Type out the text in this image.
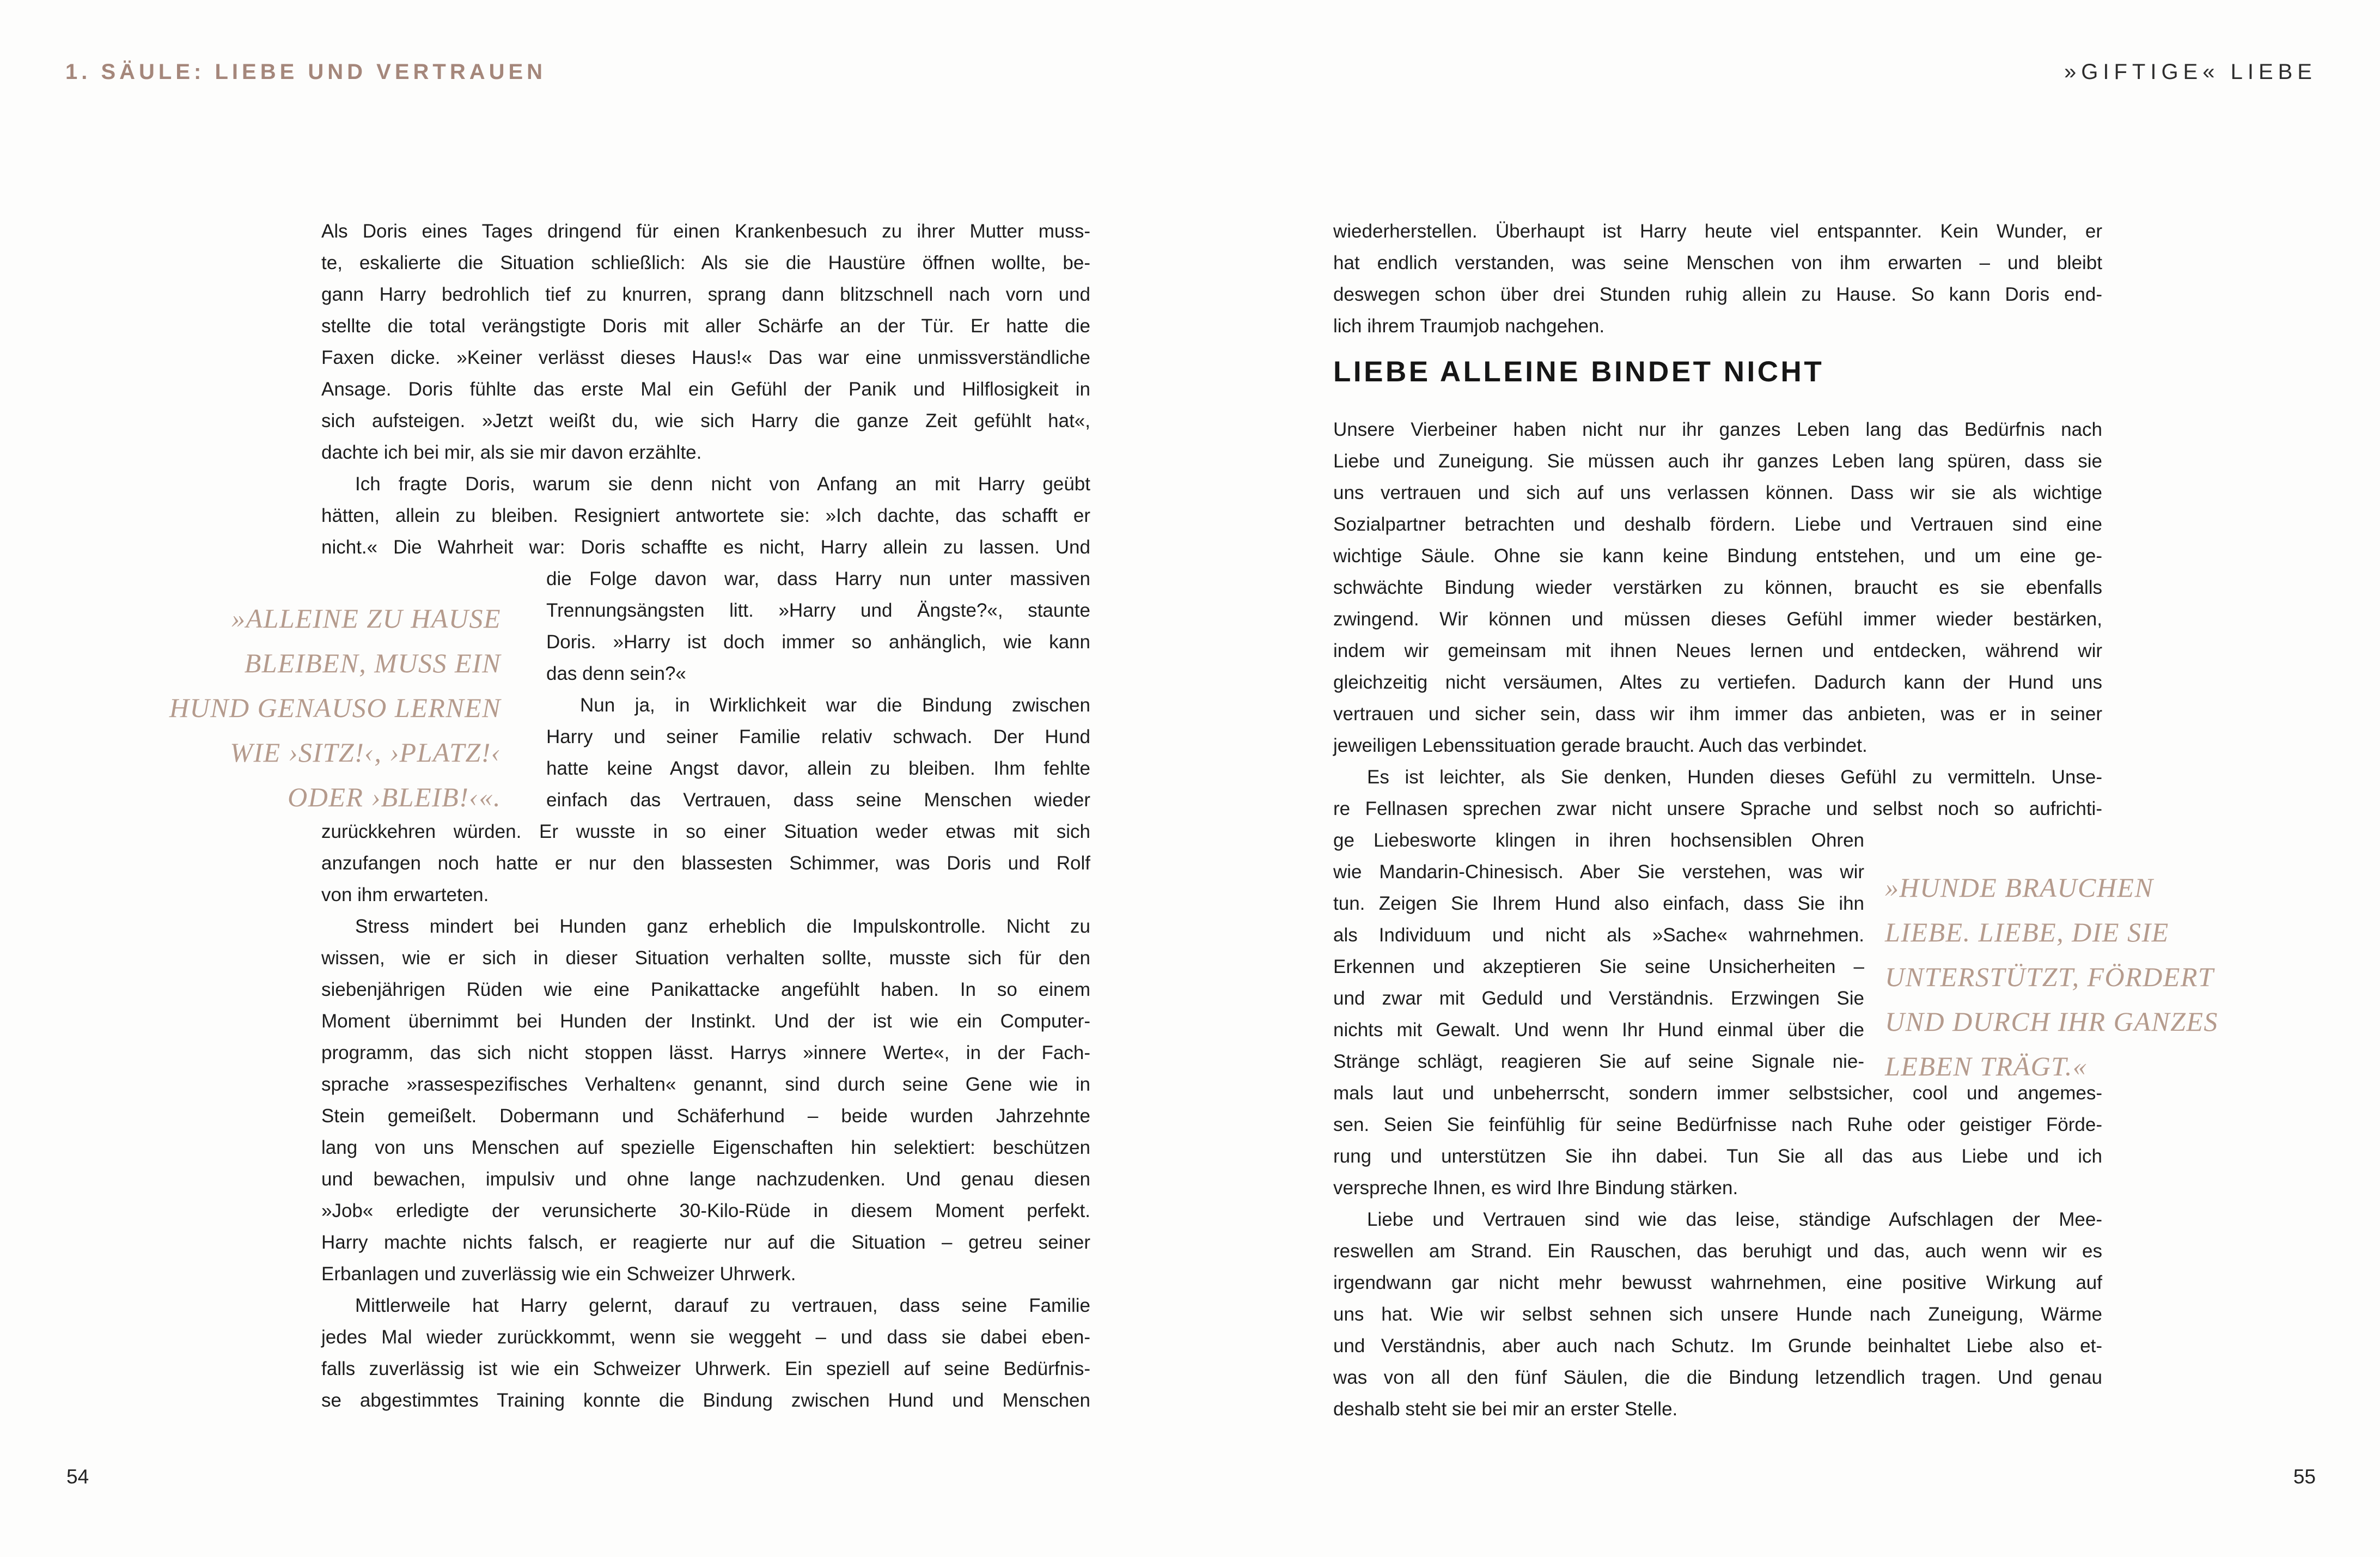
1. SÄULE: LIEBE UND VERTRAUEN
Als Doris eines Tages dringend für einen Krankenbesuch zu ihrer Mutter muss-
te, eskalierte die Situation schließlich: Als sie die Haustüre öffnen wollte, be-
gann Harry bedrohlich tief zu knurren, sprang dann blitzschnell nach vorn und
stellte die total verängstigte Doris mit aller Schärfe an der Tür. Er hatte die
Faxen dicke. »Keiner verlässt dieses Haus!« Das war eine unmissverständliche
Ansage. Doris fühlte das erste Mal ein Gefühl der Panik und Hilflosigkeit in
sich aufsteigen. »Jetzt weißt du, wie sich Harry die ganze Zeit gefühlt hat«,
dachte ich bei mir, als sie mir davon erzählte.
Ich fragte Doris, warum sie denn nicht von Anfang an mit Harry geübt
hätten, allein zu bleiben. Resigniert antwortete sie: »Ich dachte, das schafft er
nicht.« Die Wahrheit war: Doris schaffte es nicht, Harry allein zu lassen. Und
die Folge davon war, dass Harry nun unter massiven
Trennungsängsten litt. »Harry und Ängste?«, staunte
Doris. »Harry ist doch immer so anhänglich, wie kann
das denn sein?«
Nun ja, in Wirklichkeit war die Bindung zwischen
Harry und seiner Familie relativ schwach. Der Hund
hatte keine Angst davor, allein zu bleiben. Ihm fehlte
einfach das Vertrauen, dass seine Menschen wieder
zurückkehren würden. Er wusste in so einer Situation weder etwas mit sich
anzufangen noch hatte er nur den blassesten Schimmer, was Doris und Rolf
von ihm erwarteten.
Stress mindert bei Hunden ganz erheblich die Impulskontrolle. Nicht zu
wissen, wie er sich in dieser Situation verhalten sollte, musste sich für den
siebenjährigen Rüden wie eine Panikattacke angefühlt haben. In so einem
Moment übernimmt bei Hunden der Instinkt. Und der ist wie ein Computer-
programm, das sich nicht stoppen lässt. Harrys »innere Werte«, in der Fach-
sprache »rassespezifisches Verhalten« genannt, sind durch seine Gene wie in
Stein gemeißelt. Dobermann und Schäferhund – beide wurden Jahrzehnte
lang von uns Menschen auf spezielle Eigenschaften hin selektiert: beschützen
und bewachen, impulsiv und ohne lange nachzudenken. Und genau diesen
»Job« erledigte der verunsicherte 30-Kilo-Rüde in diesem Moment perfekt.
Harry machte nichts falsch, er reagierte nur auf die Situation – getreu seiner
Erbanlagen und zuverlässig wie ein Schweizer Uhrwerk.
Mittlerweile hat Harry gelernt, darauf zu vertrauen, dass seine Familie
jedes Mal wieder zurückkommt, wenn sie weggeht – und dass sie dabei eben-
falls zuverlässig ist wie ein Schweizer Uhrwerk. Ein speziell auf seine Bedürfnis-
se abgestimmtes Training konnte die Bindung zwischen Hund und Menschen
»ALLEINE ZU HAUSE
BLEIBEN, MUSS EIN
HUND GENAUSO LERNEN
WIE ›SITZ!‹, ›PLATZ!‹
ODER ›BLEIB!‹«.
54
»GIFTIGE« LIEBE
wiederherstellen. Überhaupt ist Harry heute viel entspannter. Kein Wunder, er
hat endlich verstanden, was seine Menschen von ihm erwarten – und bleibt
deswegen schon über drei Stunden ruhig allein zu Hause. So kann Doris end-
lich ihrem Traumjob nachgehen.
LIEBE ALLEINE BINDET NICHT
Unsere Vierbeiner haben nicht nur ihr ganzes Leben lang das Bedürfnis nach
Liebe und Zuneigung. Sie müssen auch ihr ganzes Leben lang spüren, dass sie
uns vertrauen und sich auf uns verlassen können. Dass wir sie als wichtige
Sozialpartner betrachten und deshalb fördern. Liebe und Vertrauen sind eine
wichtige Säule. Ohne sie kann keine Bindung entstehen, und um eine ge-
schwächte Bindung wieder verstärken zu können, braucht es sie ebenfalls
zwingend. Wir können und müssen dieses Gefühl immer wieder bestärken,
indem wir gemeinsam mit ihnen Neues lernen und entdecken, während wir
gleichzeitig nicht versäumen, Altes zu vertiefen. Dadurch kann der Hund uns
vertrauen und sicher sein, dass wir ihm immer das anbieten, was er in seiner
jeweiligen Lebenssituation gerade braucht. Auch das verbindet.
Es ist leichter, als Sie denken, Hunden dieses Gefühl zu vermitteln. Unse-
re Fellnasen sprechen zwar nicht unsere Sprache und selbst noch so aufrichti-
ge Liebesworte klingen in ihren hochsensiblen Ohren
wie Mandarin-Chinesisch. Aber Sie verstehen, was wir
tun. Zeigen Sie Ihrem Hund also einfach, dass Sie ihn
als Individuum und nicht als »Sache« wahrnehmen.
Erkennen und akzeptieren Sie seine Unsicherheiten –
und zwar mit Geduld und Verständnis. Erzwingen Sie
nichts mit Gewalt. Und wenn Ihr Hund einmal über die
Stränge schlägt, reagieren Sie auf seine Signale nie-
mals laut und unbeherrscht, sondern immer selbstsicher, cool und angemes-
sen. Seien Sie feinfühlig für seine Bedürfnisse nach Ruhe oder geistiger Förde-
rung und unterstützen Sie ihn dabei. Tun Sie all das aus Liebe und ich
verspreche Ihnen, es wird Ihre Bindung stärken.
Liebe und Vertrauen sind wie das leise, ständige Aufschlagen der Mee-
reswellen am Strand. Ein Rauschen, das beruhigt und das, auch wenn wir es
irgendwann gar nicht mehr bewusst wahrnehmen, eine positive Wirkung auf
uns hat. Wie wir selbst sehnen sich unsere Hunde nach Zuneigung, Wärme
und Verständnis, aber auch nach Schutz. Im Grunde beinhaltet Liebe also et-
was von all den fünf Säulen, die die Bindung letzendlich tragen. Und genau
deshalb steht sie bei mir an erster Stelle.
»HUNDE BRAUCHEN
LIEBE. LIEBE, DIE SIE
UNTERSTÜTZT, FÖRDERT
UND DURCH IHR GANZES
LEBEN TRÄGT.«
55
